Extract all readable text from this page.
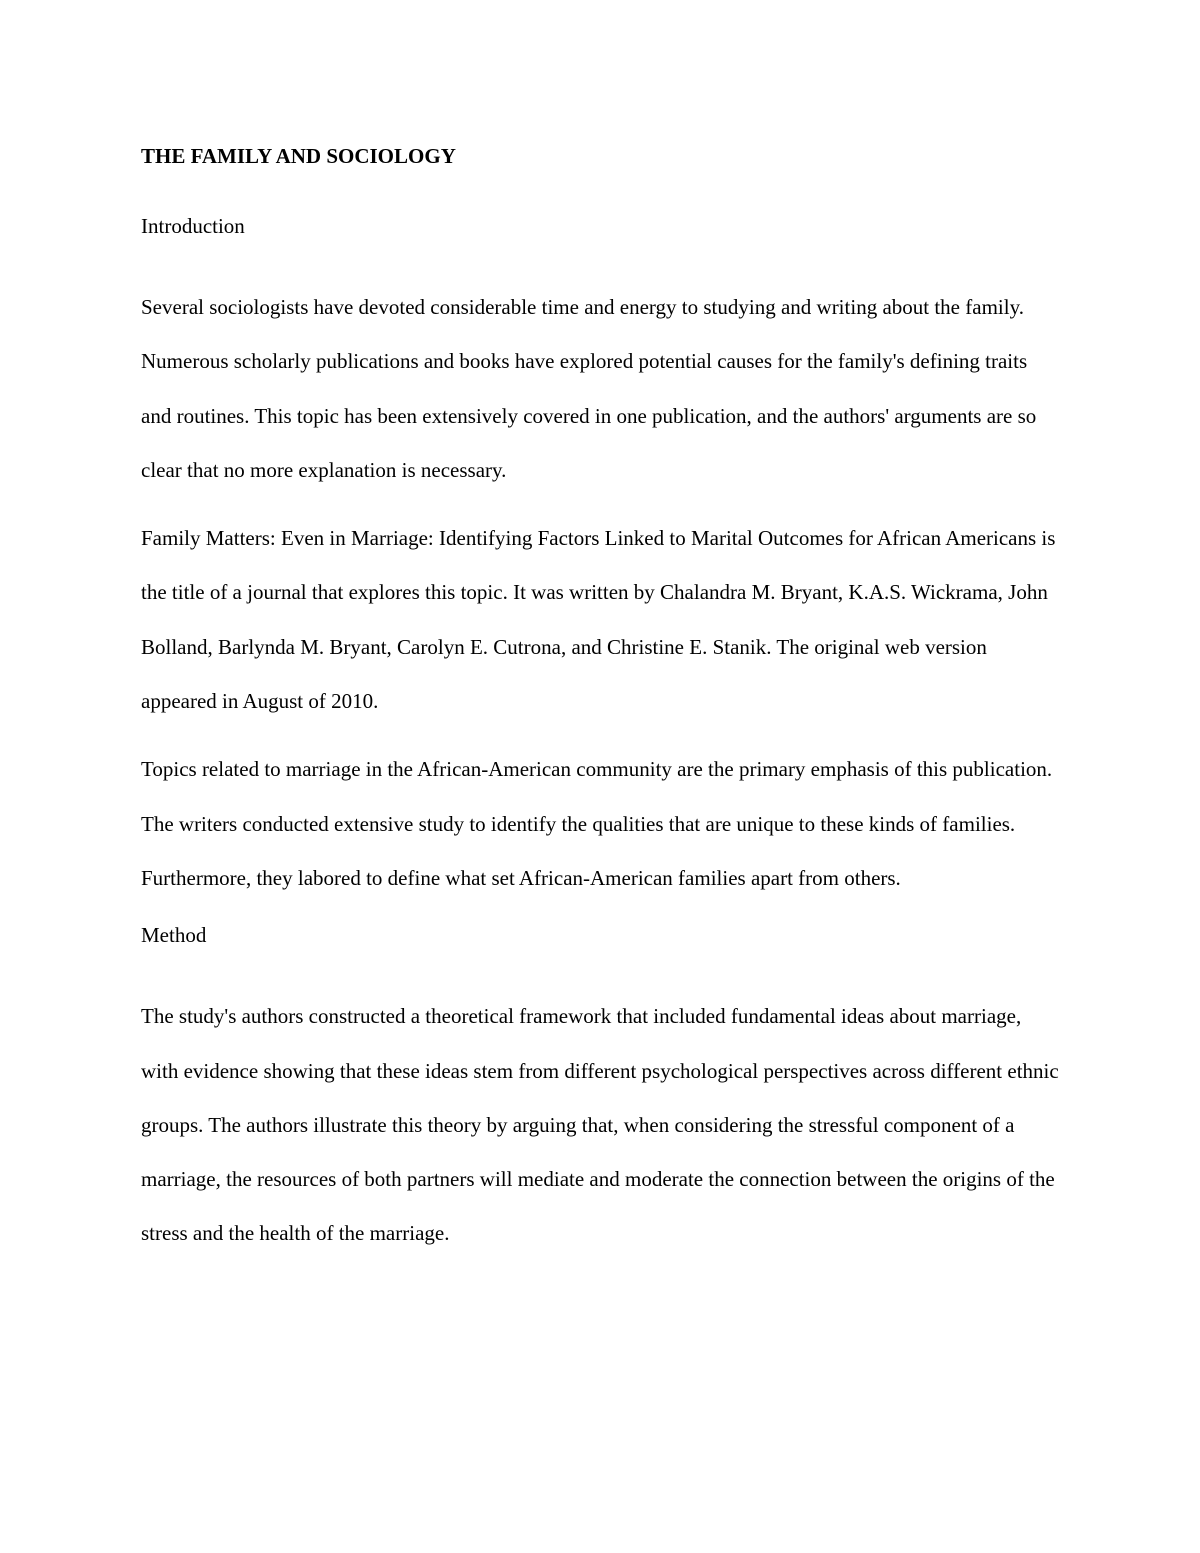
THE FAMILY AND SOCIOLOGY
Introduction

Several sociologists have devoted considerable time and energy to studying and writing about the family. Numerous scholarly publications and books have explored potential causes for the family's defining traits and routines. This topic has been extensively covered in one publication, and the authors' arguments are so clear that no more explanation is necessary.

Family Matters: Even in Marriage: Identifying Factors Linked to Marital Outcomes for African Americans is the title of a journal that explores this topic. It was written by Chalandra M. Bryant, K.A.S. Wickrama, John Bolland, Barlynda M. Bryant, Carolyn E. Cutrona, and Christine E. Stanik. The original web version appeared in August of 2010.

Topics related to marriage in the African-American community are the primary emphasis of this publication. The writers conducted extensive study to identify the qualities that are unique to these kinds of families. Furthermore, they labored to define what set African-American families apart from others.

Method

The study's authors constructed a theoretical framework that included fundamental ideas about marriage, with evidence showing that these ideas stem from different psychological perspectives across different ethnic groups. The authors illustrate this theory by arguing that, when considering the stressful component of a marriage, the resources of both partners will mediate and moderate the connection between the origins of the stress and the health of the marriage.
